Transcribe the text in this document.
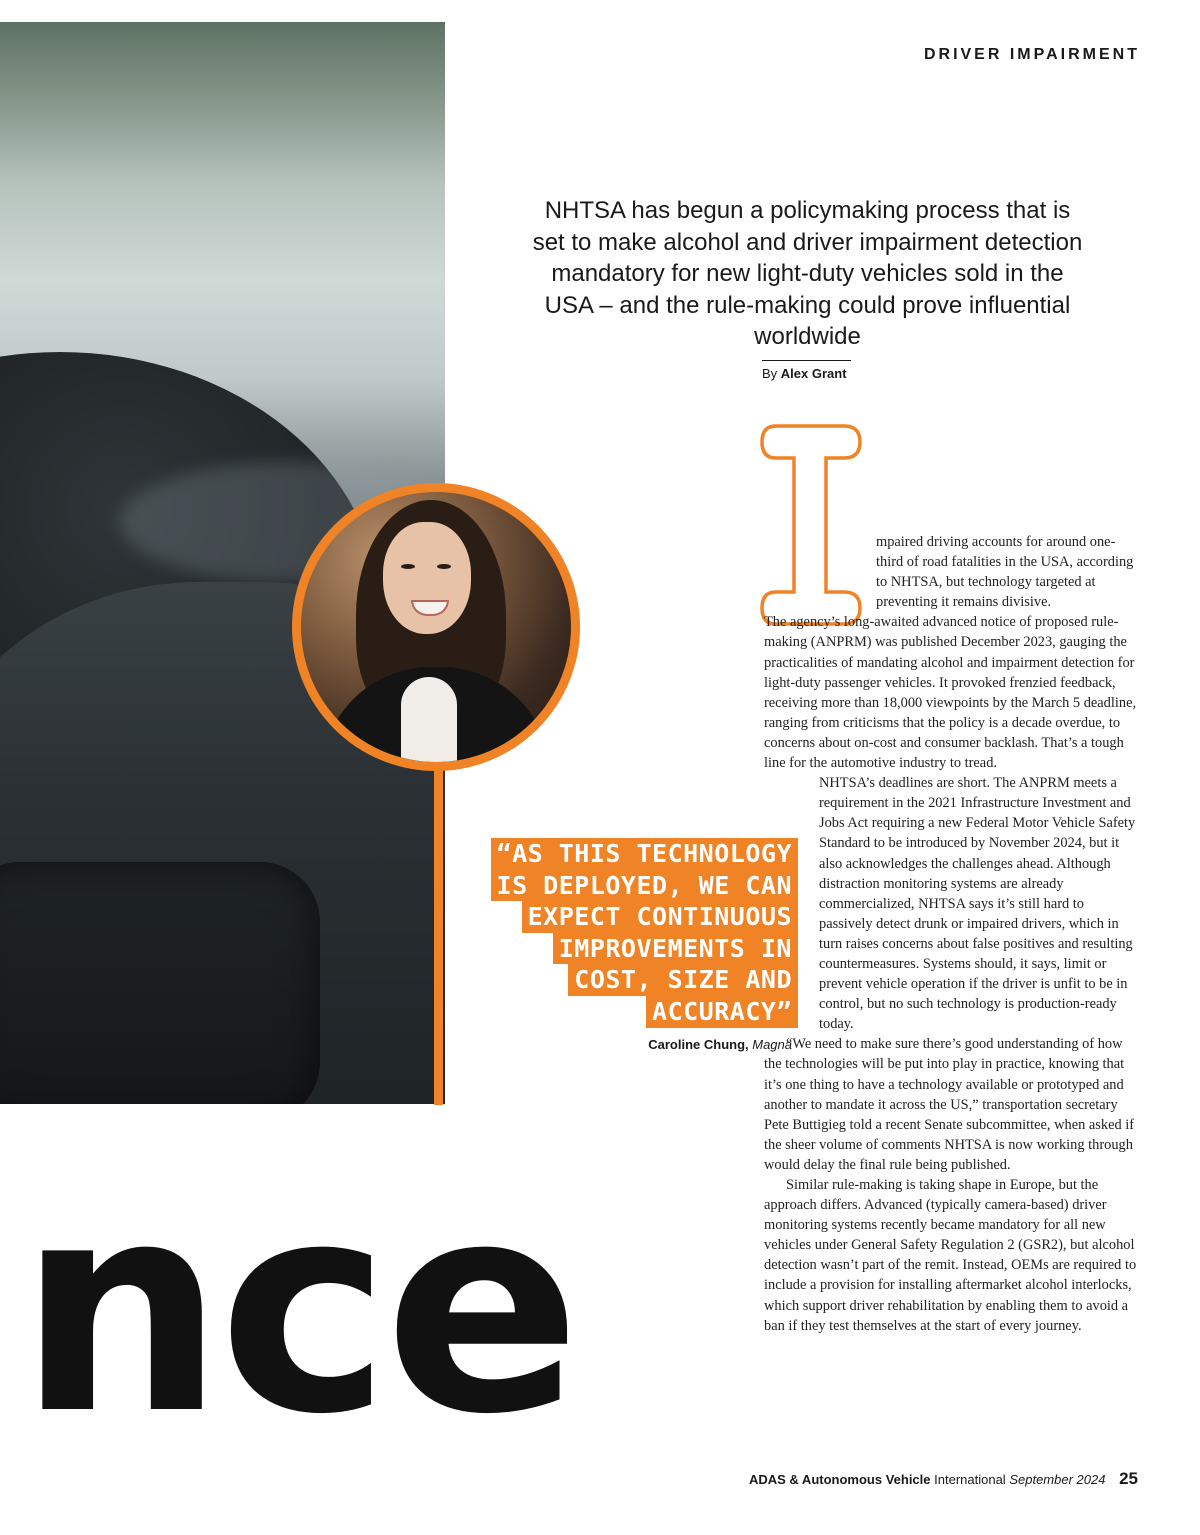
DRIVER IMPAIRMENT

NHTSA has begun a policymaking process that is set to make alcohol and driver impairment detection mandatory for new light-duty vehicles sold in the USA – and the rule-making could prove influential worldwide

By Alex Grant

“AS THIS TECHNOLOGY
IS DEPLOYED, WE CAN
EXPECT CONTINUOUS
IMPROVEMENTS IN
COST, SIZE AND
ACCURACY”

Caroline Chung, Magna

mpaired driving accounts for around one-third of road fatalities in the USA, according to NHTSA, but technology targeted at preventing it remains divisive.
The agency’s long-awaited advanced notice of proposed rule-making (ANPRM) was published December 2023, gauging the practicalities of mandating alcohol and impairment detection for light-duty passenger vehicles. It provoked frenzied feedback, receiving more than 18,000 viewpoints by the March 5 deadline, ranging from criticisms that the policy is a decade overdue, to concerns about on-cost and consumer backlash. That’s a tough line for the automotive industry to tread.

NHTSA’s deadlines are short. The ANPRM meets a requirement in the 2021 Infrastructure Investment and Jobs Act requiring a new Federal Motor Vehicle Safety Standard to be introduced by November 2024, but it also acknowledges the challenges ahead. Although distraction monitoring systems are already commercialized, NHTSA says it’s still hard to passively detect drunk or impaired drivers, which in turn raises concerns about false positives and resulting countermeasures. Systems should, it says, limit or prevent vehicle operation if the driver is unfit to be in control, but no such technology is production-ready today.

“We need to make sure there’s good understanding of how the technologies will be put into play in practice, knowing that it’s one thing to have a technology available or prototyped and another to mandate it across the US,” transportation secretary Pete Buttigieg told a recent Senate subcommittee, when asked if the sheer volume of comments NHTSA is now working through would delay the final rule being published.

Similar rule-making is taking shape in Europe, but the approach differs. Advanced (typically camera-based) driver monitoring systems recently became mandatory for all new vehicles under General Safety Regulation 2 (GSR2), but alcohol detection wasn’t part of the remit. Instead, OEMs are required to include a provision for installing aftermarket alcohol interlocks, which support driver rehabilitation by enabling them to avoid a ban if they test themselves at the start of every journey.

nce

ADAS & Autonomous Vehicle International September 2024 25
